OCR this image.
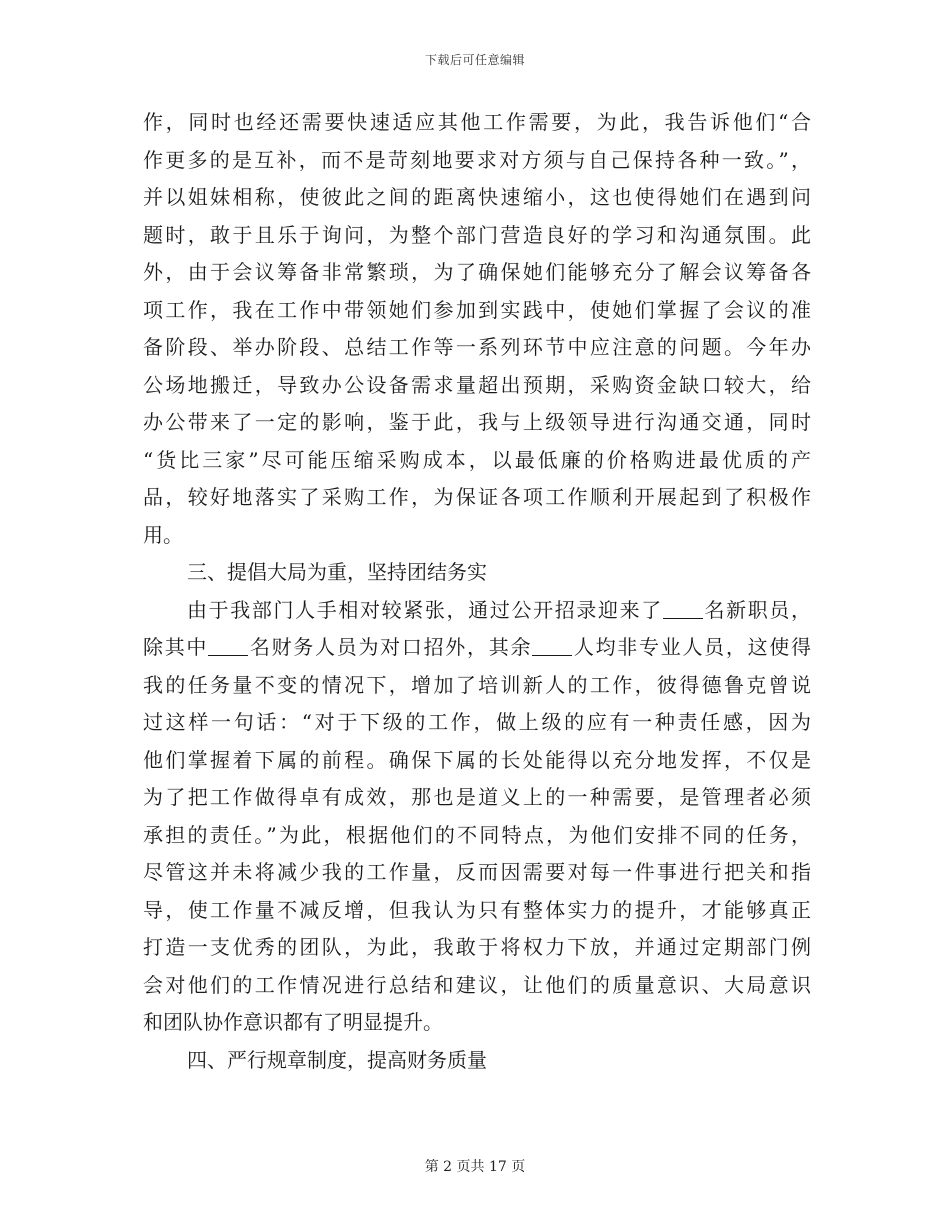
下载后可任意编辑
作，同时也经还需要快速适应其他工作需要，为此，我告诉他们“合
作更多的是互补，而不是苛刻地要求对方须与自己保持各种一致。”，
并以姐妹相称，使彼此之间的距离快速缩小，这也使得她们在遇到问
题时，敢于且乐于询问，为整个部门营造良好的学习和沟通氛围。此
外，由于会议筹备非常繁琐，为了确保她们能够充分了解会议筹备各
项工作，我在工作中带领她们参加到实践中，使她们掌握了会议的准
备阶段、举办阶段、总结工作等一系列环节中应注意的问题。今年办
公场地搬迁，导致办公设备需求量超出预期，采购资金缺口较大，给
办公带来了一定的影响，鉴于此，我与上级领导进行沟通交通，同时
“货比三家”尽可能压缩采购成本，以最低廉的价格购进最优质的产
品，较好地落实了采购工作，为保证各项工作顺利开展起到了积极作
用。
三、提倡大局为重，坚持团结务实
由于我部门人手相对较紧张，通过公开招录迎来了 名新职员，
除其中 名财务人员为对口招外，其余 人均非专业人员，这使得
我的任务量不变的情况下，增加了培训新人的工作，彼得德鲁克曾说
过这样一句话：“对于下级的工作，做上级的应有一种责任感，因为
他们掌握着下属的前程。确保下属的长处能得以充分地发挥，不仅是
为了把工作做得卓有成效，那也是道义上的一种需要，是管理者必须
承担的责任。”为此，根据他们的不同特点，为他们安排不同的任务，
尽管这并未将减少我的工作量，反而因需要对每一件事进行把关和指
导，使工作量不减反增，但我认为只有整体实力的提升，才能够真正
打造一支优秀的团队，为此，我敢于将权力下放，并通过定期部门例
会对他们的工作情况进行总结和建议，让他们的质量意识、大局意识
和团队协作意识都有了明显提升。
四、严行规章制度，提高财务质量
第 2 页共 17 页
